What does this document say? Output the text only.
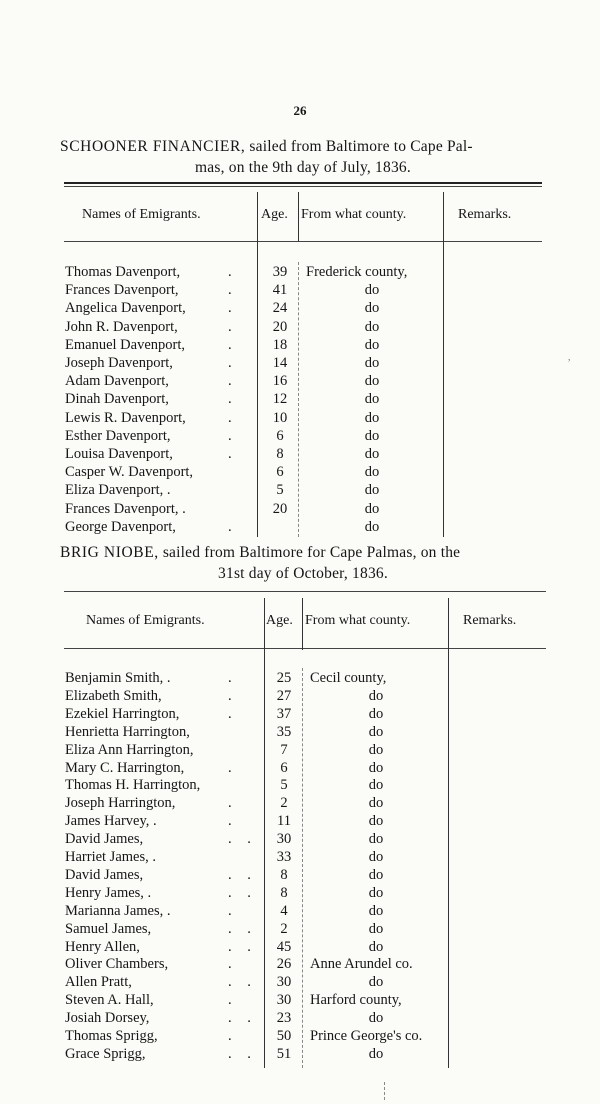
26
SCHOONER FINANCIER, sailed from Baltimore to Cape Pal-
mas, on the 9th day of July, 1836.
Names of Emigrants.	Age. From what county.	Remarks.
Thomas Davenport,	.	39	Frederick county,
Frances Davenport,	.	41	do
Angelica Davenport,	.	24	do
John R. Davenport,	.	20	do
Emanuel Davenport,	.	18	do
Joseph Davenport,	.	14	do
Adam Davenport,	.	16	do
Dinah Davenport,	.	12	do
Lewis R. Davenport,	.	10	do
Esther Davenport,	.	6	do
Louisa Davenport,	.	8	do
Casper W. Davenport,	6	do
Eliza Davenport, .	5	do
Frances Davenport, .	20	do
George Davenport,	.	do
BRIG NIOBE, sailed from Baltimore for Cape Palmas, on the
31st day of October, 1836.
Names of Emigrants.	Age. From what county.	Remarks.
Benjamin Smith, .	.	25	Cecil county,
Elizabeth Smith,	.	27	do
Ezekiel Harrington,	.	37	do
Henrietta Harrington,	35	do
Eliza Ann Harrington,	7	do
Mary C. Harrington,	.	6	do
Thomas H. Harrington,	5	do
Joseph Harrington,	.	2	do
James Harvey, .	.	11	do
David James,	. .	30	do
Harriet James, .	33	do
David James,	. .	8	do
Henry James, .	. .	8	do
Marianna James, .	.	4	do
Samuel James,	. .	2	do
Henry Allen,	. .	45	do
Oliver Chambers,	.	26	Anne Arundel co.
Allen Pratt,	. .	30	do
Steven A. Hall,	.	30	Harford county,
Josiah Dorsey,	. .	23	do
Thomas Sprigg,	.	50	Prince George's co.
Grace Sprigg,	. .	51	do
,
